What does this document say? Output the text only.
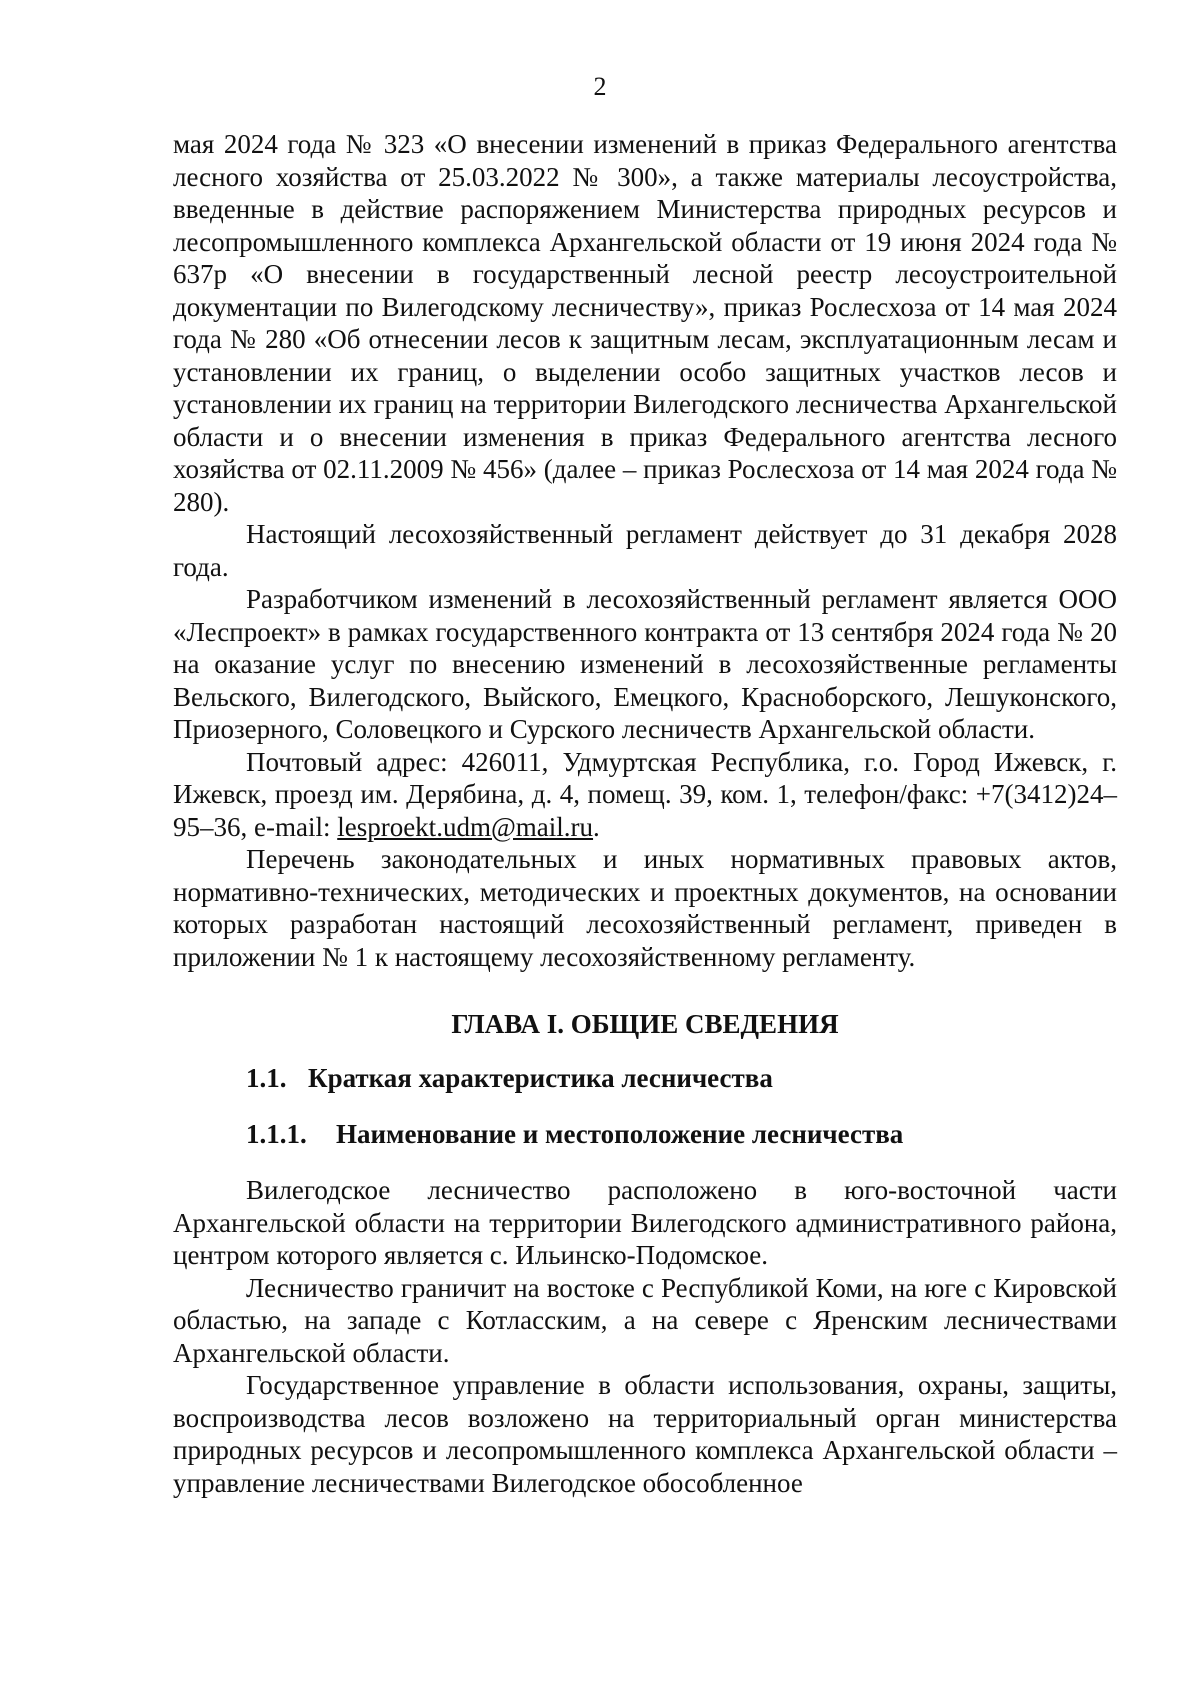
2

мая 2024 года № 323 «О внесении изменений в приказ Федерального агентства лесного хозяйства от 25.03.2022 № 300», а также материалы лесоустройства, введенные в действие распоряжением Министерства природных ресурсов и лесопромышленного комплекса Архангельской области от 19 июня 2024 года № 637р «О внесении в государственный лесной реестр лесоустроительной документации по Вилегодскому лесничеству», приказ Рослесхоза от 14 мая 2024 года № 280 «Об отнесении лесов к защитным лесам, эксплуатационным лесам и установлении их границ, о выделении особо защитных участков лесов и установлении их границ на территории Вилегодского лесничества Архангельской области и о внесении изменения в приказ Федерального агентства лесного хозяйства от 02.11.2009 № 456» (далее – приказ Рослесхоза от 14 мая 2024 года № 280).

Настоящий лесохозяйственный регламент действует до 31 декабря 2028 года.

Разработчиком изменений в лесохозяйственный регламент является ООО «Леспроект» в рамках государственного контракта от 13 сентября 2024 года № 20 на оказание услуг по внесению изменений в лесохозяйственные регламенты Вельского, Вилегодского, Выйского, Емецкого, Красноборского, Лешуконского, Приозерного, Соловецкого и Сурского лесничеств Архангельской области.

Почтовый адрес: 426011, Удмуртская Республика, г.о. Город Ижевск, г. Ижевск, проезд им. Дерябина, д. 4, помещ. 39, ком. 1, телефон/факс: +7(3412)24–95–36, e-mail: lesproekt.udm@mail.ru.

Перечень законодательных и иных нормативных правовых актов, нормативно-технических, методических и проектных документов, на основании которых разработан настоящий лесохозяйственный регламент, приведен в приложении № 1 к настоящему лесохозяйственному регламенту.

ГЛАВА I. ОБЩИЕ СВЕДЕНИЯ
1.1. Краткая характеристика лесничества
1.1.1. Наименование и местоположение лесничества

Вилегодское лесничество расположено в юго-восточной части Архангельской области на территории Вилегодского административного района, центром которого является с. Ильинско-Подомское.

Лесничество граничит на востоке с Республикой Коми, на юге с Кировской областью, на западе с Котласским, а на севере с Яренским лесничествами Архангельской области.

Государственное управление в области использования, охраны, защиты, воспроизводства лесов возложено на территориальный орган министерства природных ресурсов и лесопромышленного комплекса Архангельской области – управление лесничествами Вилегодское обособленное
